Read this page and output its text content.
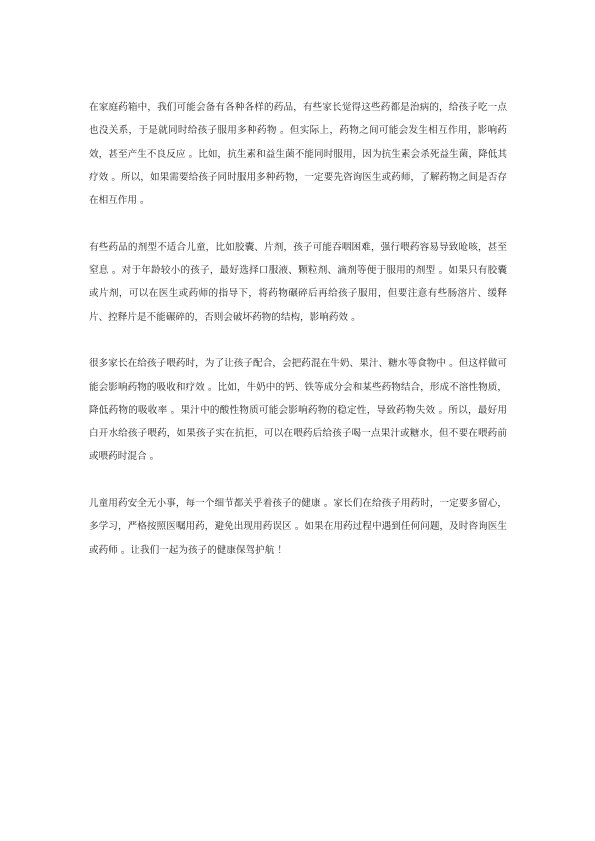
在家庭药箱中，我们可能会备有各种各样的药品，有些家长觉得这些药都是治病的，给孩子吃一点也没关系，于是就同时给孩子服用多种药物 。但实际上，药物之间可能会发生相互作用，影响药效，甚至产生不良反应 。比如，抗生素和益生菌不能同时服用，因为抗生素会杀死益生菌，降低其疗效 。所以，如果需要给孩子同时服用多种药物，一定要先咨询医生或药师，了解药物之间是否存在相互作用 。

有些药品的剂型不适合儿童，比如胶囊、片剂，孩子可能吞咽困难，强行喂药容易导致呛咳，甚至窒息 。对于年龄较小的孩子，最好选择口服液、颗粒剂、滴剂等便于服用的剂型 。如果只有胶囊或片剂，可以在医生或药师的指导下，将药物碾碎后再给孩子服用，但要注意有些肠溶片、缓释片、控释片是不能碾碎的，否则会破坏药物的结构，影响药效 。

很多家长在给孩子喂药时，为了让孩子配合，会把药混在牛奶、果汁、糖水等食物中 。但这样做可能会影响药物的吸收和疗效 。比如，牛奶中的钙、铁等成分会和某些药物结合，形成不溶性物质，降低药物的吸收率 。果汁中的酸性物质可能会影响药物的稳定性，导致药物失效 。所以，最好用白开水给孩子喂药，如果孩子实在抗拒，可以在喂药后给孩子喝一点果汁或糖水，但不要在喂药前或喂药时混合 。

儿童用药安全无小事，每一个细节都关乎着孩子的健康 。家长们在给孩子用药时，一定要多留心，多学习，严格按照医嘱用药，避免出现用药误区 。如果在用药过程中遇到任何问题，及时咨询医生或药师 。让我们一起为孩子的健康保驾护航 ！
